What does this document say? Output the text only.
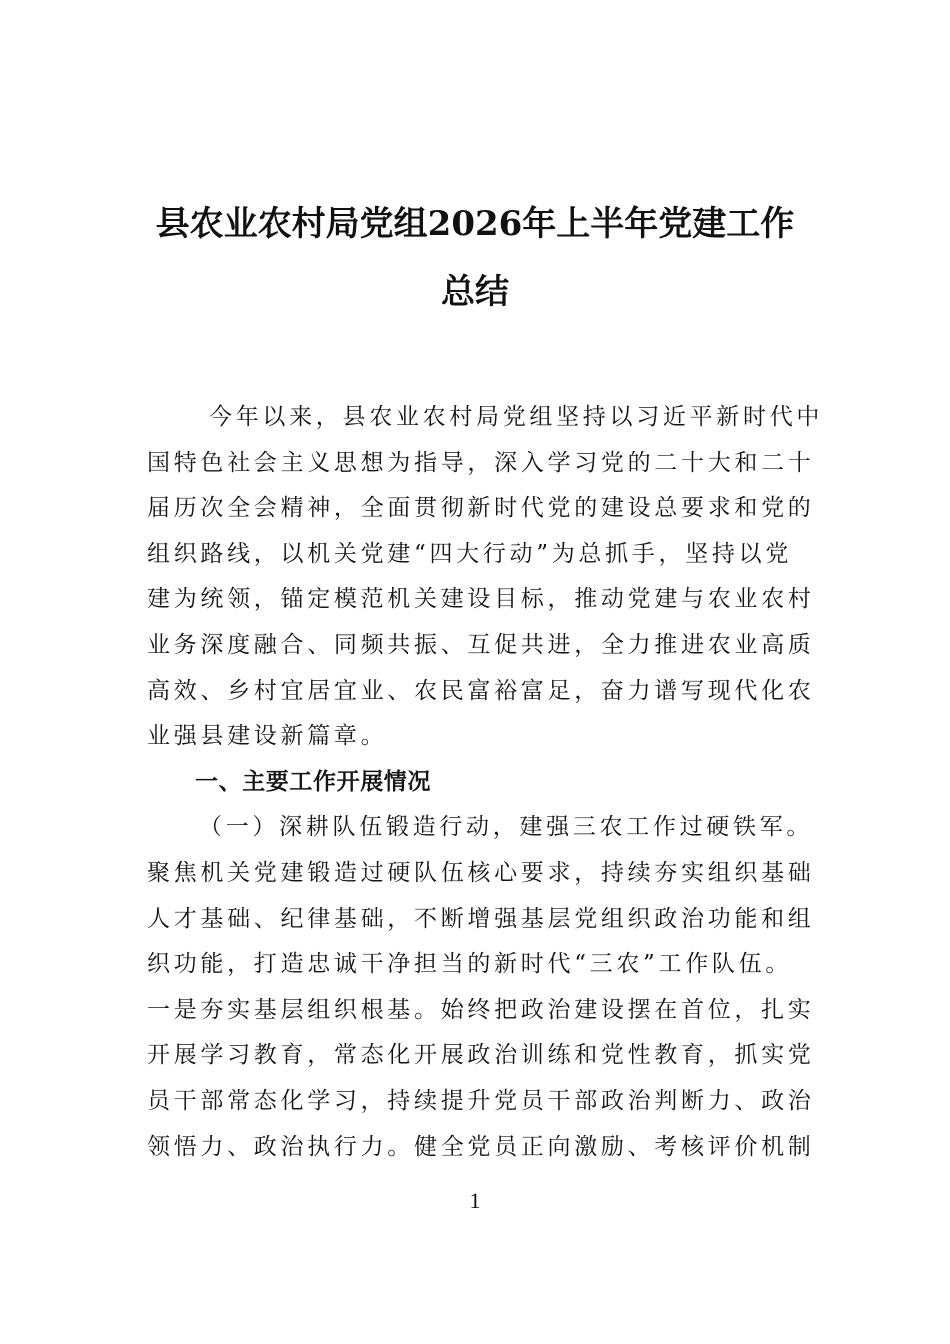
县农业农村局党组2026年上半年党建工作
总结
今年以来，县农业农村局党组坚持以习近平新时代中
国特色社会主义思想为指导，深入学习党的二十大和二十
届历次全会精神，全面贯彻新时代党的建设总要求和党的
组织路线，以机关党建“四大行动”为总抓手，坚持以党
建为统领，锚定模范机关建设目标，推动党建与农业农村
业务深度融合、同频共振、互促共进，全力推进农业高质
高效、乡村宜居宜业、农民富裕富足，奋力谱写现代化农
业强县建设新篇章。
一、主要工作开展情况
（一）深耕队伍锻造行动，建强三农工作过硬铁军。
聚焦机关党建锻造过硬队伍核心要求，持续夯实组织基础
人才基础、纪律基础，不断增强基层党组织政治功能和组
织功能，打造忠诚干净担当的新时代“三农”工作队伍。
一是夯实基层组织根基。始终把政治建设摆在首位，扎实
开展学习教育，常态化开展政治训练和党性教育，抓实党
员干部常态化学习，持续提升党员干部政治判断力、政治
领悟力、政治执行力。健全党员正向激励、考核评价机制
1
